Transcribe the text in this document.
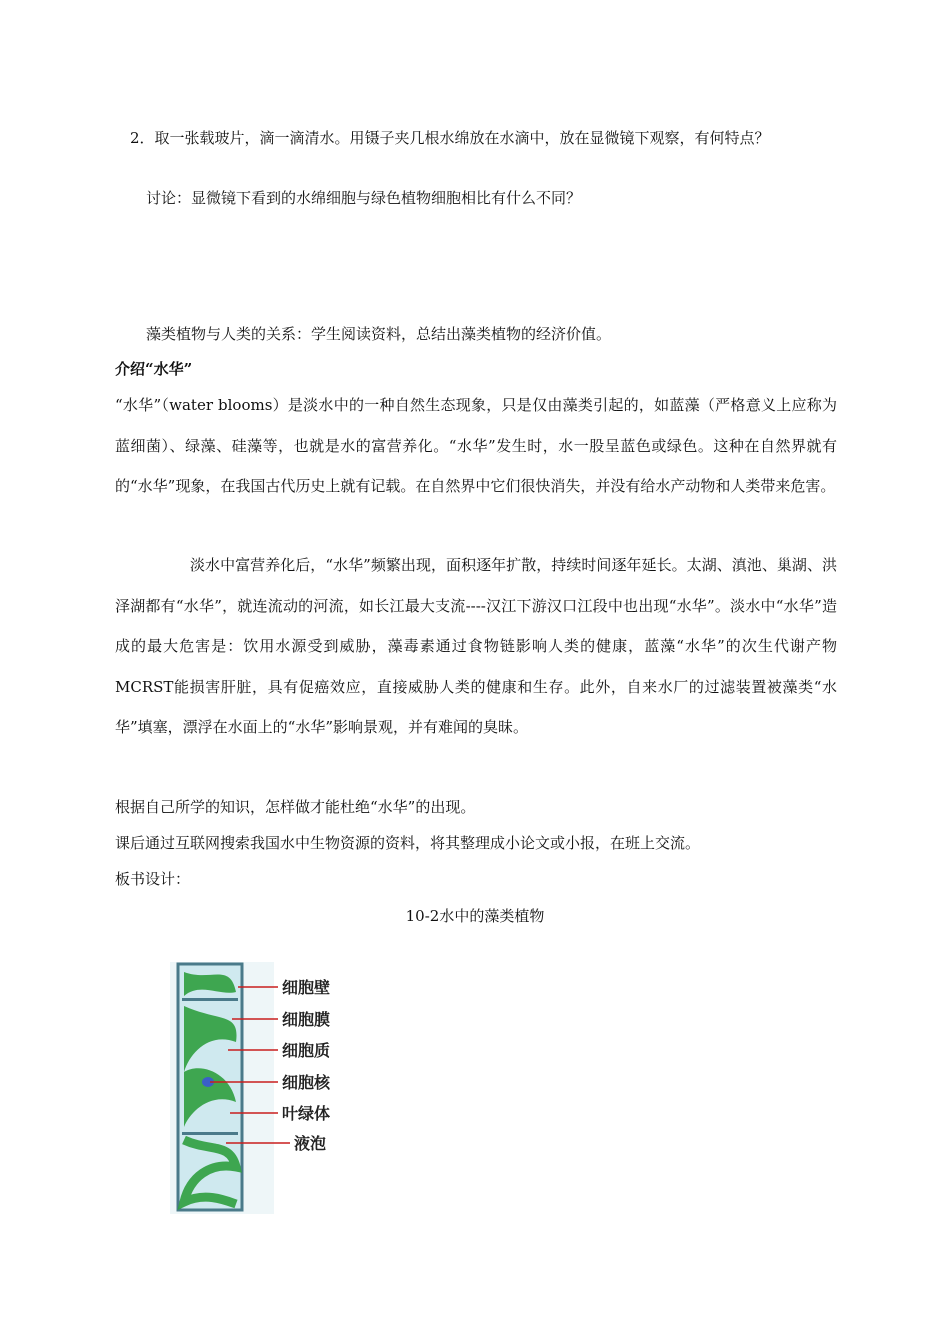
2．取一张载玻片，滴一滴清水。用镊子夹几根水绵放在水滴中，放在显微镜下观察，有何特点？
讨论：显微镜下看到的水绵细胞与绿色植物细胞相比有什么不同？
藻类植物与人类的关系：学生阅读资料，总结出藻类植物的经济价值。
介绍“水华”

“水华”（water blooms）是淡水中的一种自然生态现象，只是仅由藻类引起的，如蓝藻（严格意义上应称为蓝细菌）、绿藻、硅藻等，也就是水的富营养化。“水华”发生时，水一股呈蓝色或绿色。这种在自然界就有的“水华”现象，在我国古代历史上就有记载。在自然界中它们很快消失，并没有给水产动物和人类带来危害。

淡水中富营养化后，“水华”频繁出现，面积逐年扩散，持续时间逐年延长。太湖、滇池、巢湖、洪泽湖都有“水华”，就连流动的河流，如长江最大支流----汉江下游汉口江段中也出现“水华”。淡水中“水华”造成的最大危害是：饮用水源受到威胁，藻毒素通过食物链影响人类的健康，蓝藻“水华”的次生代谢产物MCRST能损害肝脏，具有促癌效应，直接威胁人类的健康和生存。此外，自来水厂的过滤装置被藻类“水华”填塞，漂浮在水面上的“水华”影响景观，并有难闻的臭昧。

根据自己所学的知识，怎样做才能杜绝“水华”的出现。
课后通过互联网搜索我国水中生物资源的资料，将其整理成小论文或小报，在班上交流。
板书设计：
10-2水中的藻类植物
细胞壁
细胞膜
细胞质
细胞核
叶绿体
液泡
